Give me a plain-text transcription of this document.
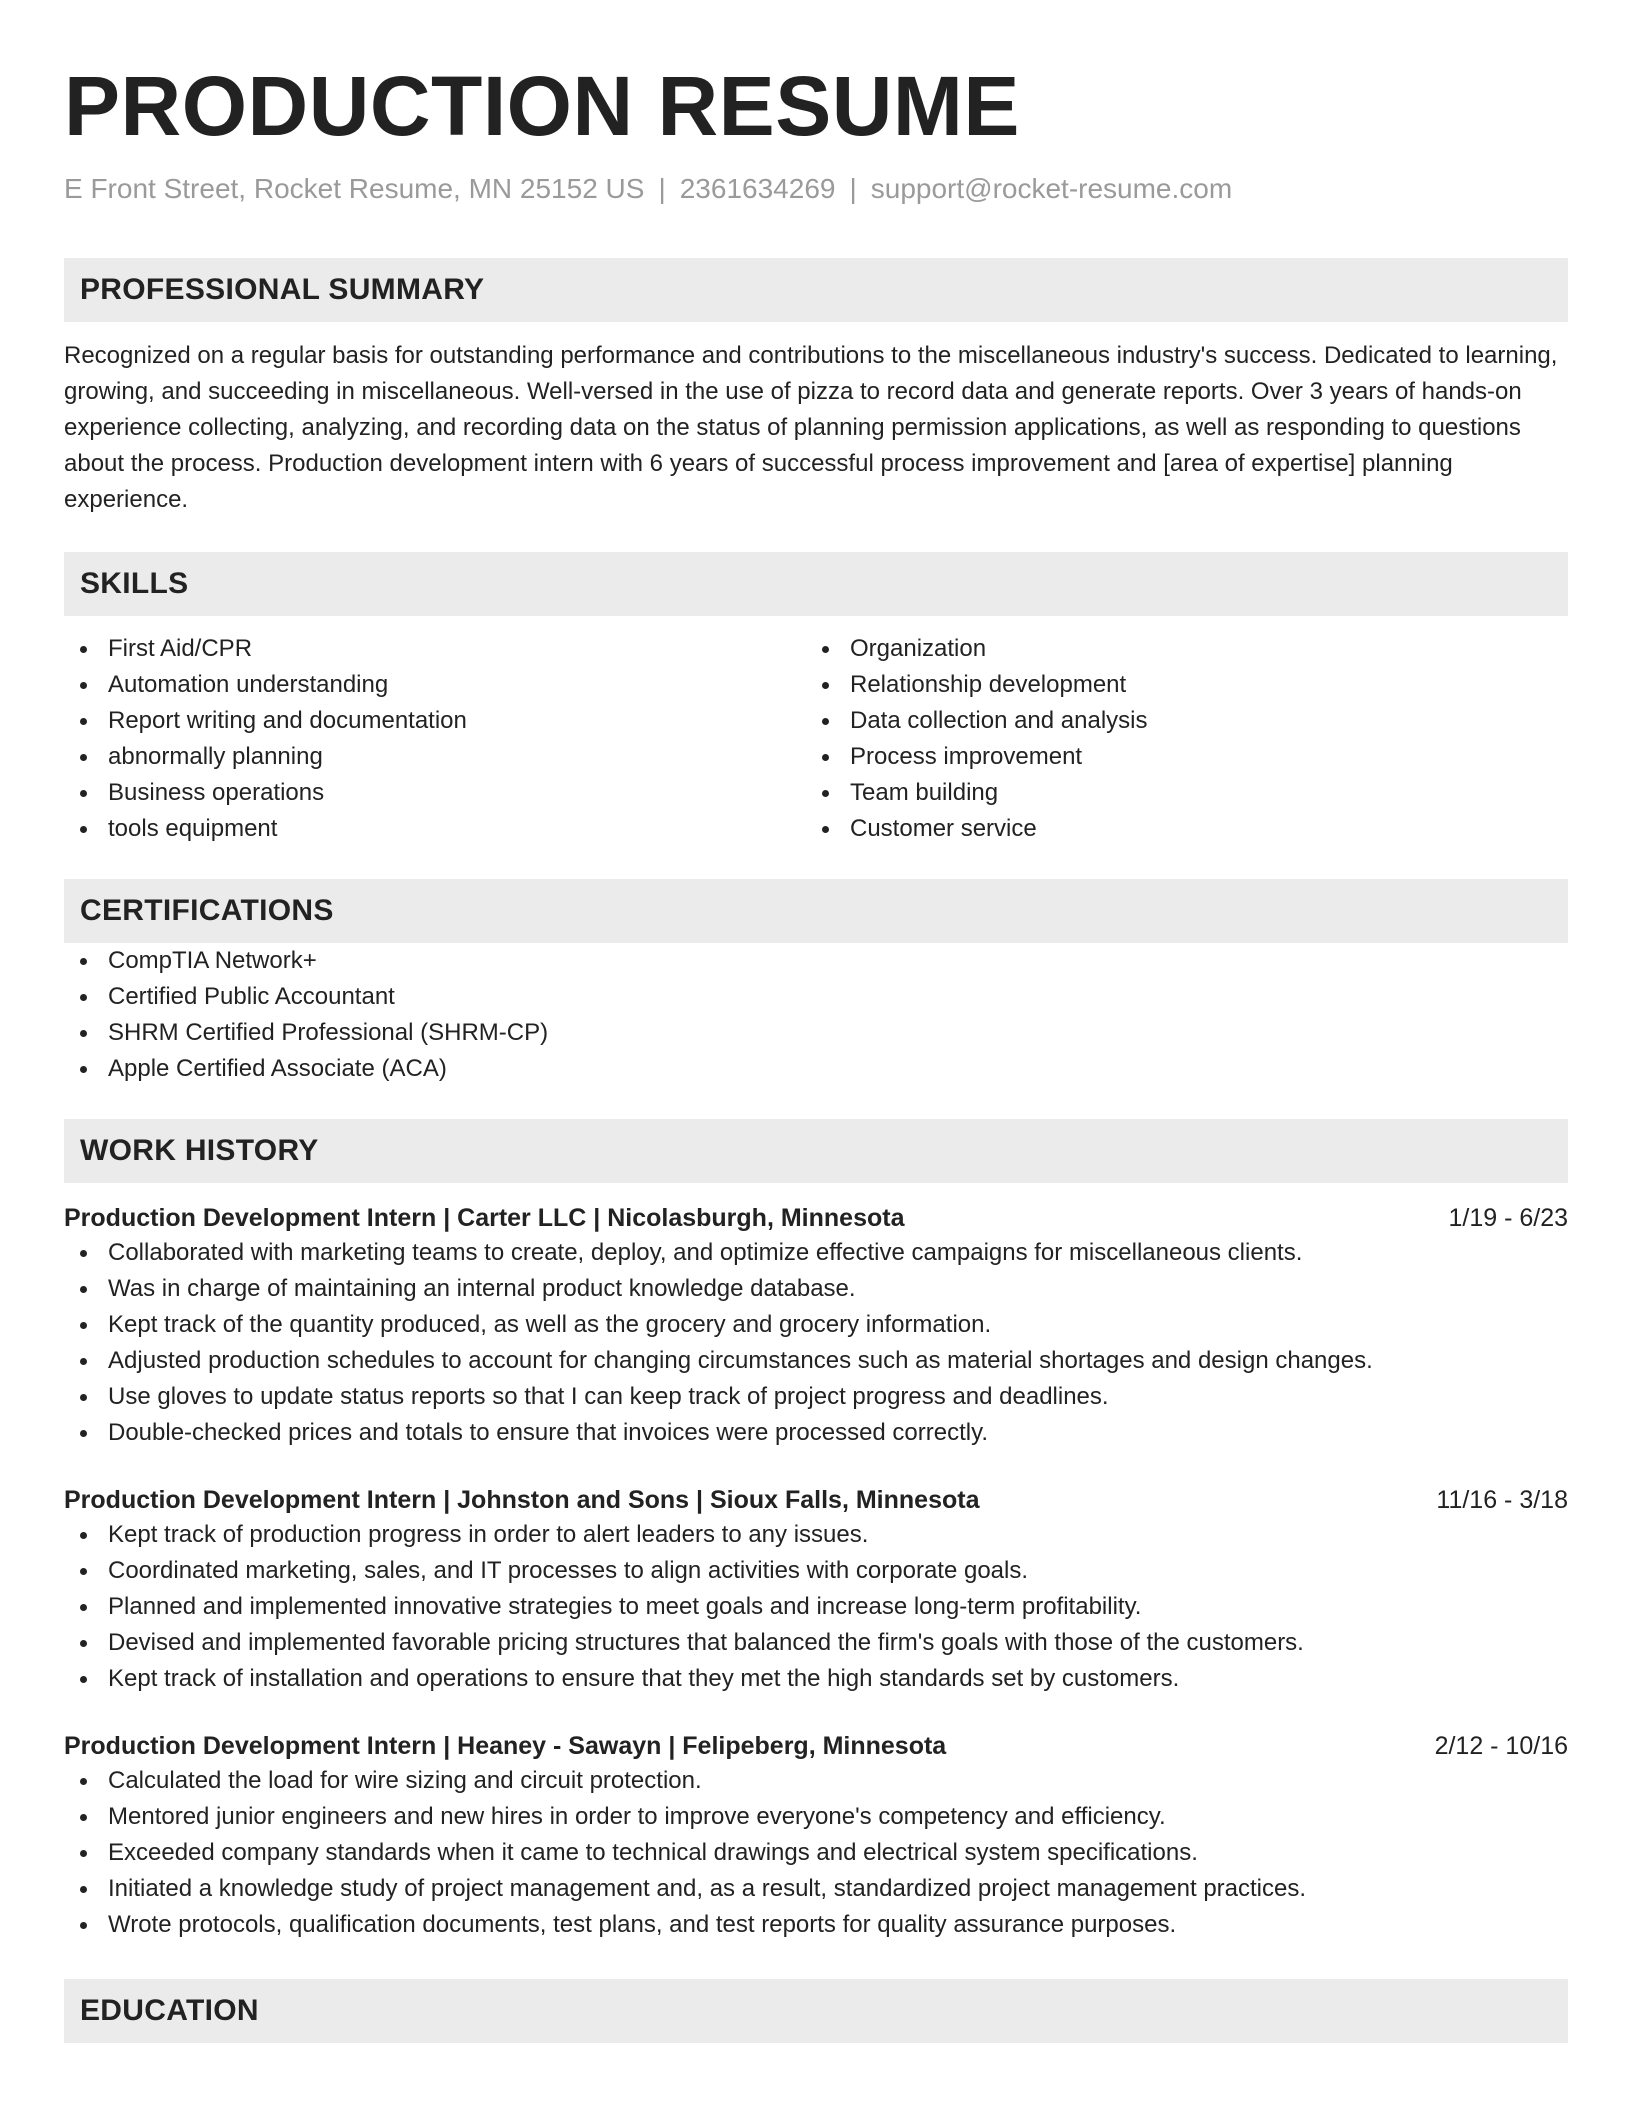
PRODUCTION RESUME
E Front Street, Rocket Resume, MN 25152 US | 2361634269 | support@rocket-resume.com
PROFESSIONAL SUMMARY

Recognized on a regular basis for outstanding performance and contributions to the miscellaneous industry's success. Dedicated to learning, growing, and succeeding in miscellaneous. Well-versed in the use of pizza to record data and generate reports. Over 3 years of hands-on experience collecting, analyzing, and recording data on the status of planning permission applications, as well as responding to questions about the process. Production development intern with 6 years of successful process improvement and [area of expertise] planning experience.

SKILLS
First Aid/CPR
Automation understanding
Report writing and documentation
abnormally planning
Business operations
tools equipment
Organization
Relationship development
Data collection and analysis
Process improvement
Team building
Customer service
CERTIFICATIONS
CompTIA Network+
Certified Public Accountant
SHRM Certified Professional (SHRM-CP)
Apple Certified Associate (ACA)
WORK HISTORY
Production Development Intern | Carter LLC | Nicolasburgh, Minnesota	1/19 - 6/23
Collaborated with marketing teams to create, deploy, and optimize effective campaigns for miscellaneous clients.
Was in charge of maintaining an internal product knowledge database.
Kept track of the quantity produced, as well as the grocery and grocery information.
Adjusted production schedules to account for changing circumstances such as material shortages and design changes.
Use gloves to update status reports so that I can keep track of project progress and deadlines.
Double-checked prices and totals to ensure that invoices were processed correctly.
Production Development Intern | Johnston and Sons | Sioux Falls, Minnesota	11/16 - 3/18
Kept track of production progress in order to alert leaders to any issues.
Coordinated marketing, sales, and IT processes to align activities with corporate goals.
Planned and implemented innovative strategies to meet goals and increase long-term profitability.
Devised and implemented favorable pricing structures that balanced the firm's goals with those of the customers.
Kept track of installation and operations to ensure that they met the high standards set by customers.
Production Development Intern | Heaney - Sawayn | Felipeberg, Minnesota	2/12 - 10/16
Calculated the load for wire sizing and circuit protection.
Mentored junior engineers and new hires in order to improve everyone's competency and efficiency.
Exceeded company standards when it came to technical drawings and electrical system specifications.
Initiated a knowledge study of project management and, as a result, standardized project management practices.
Wrote protocols, qualification documents, test plans, and test reports for quality assurance purposes.
EDUCATION
